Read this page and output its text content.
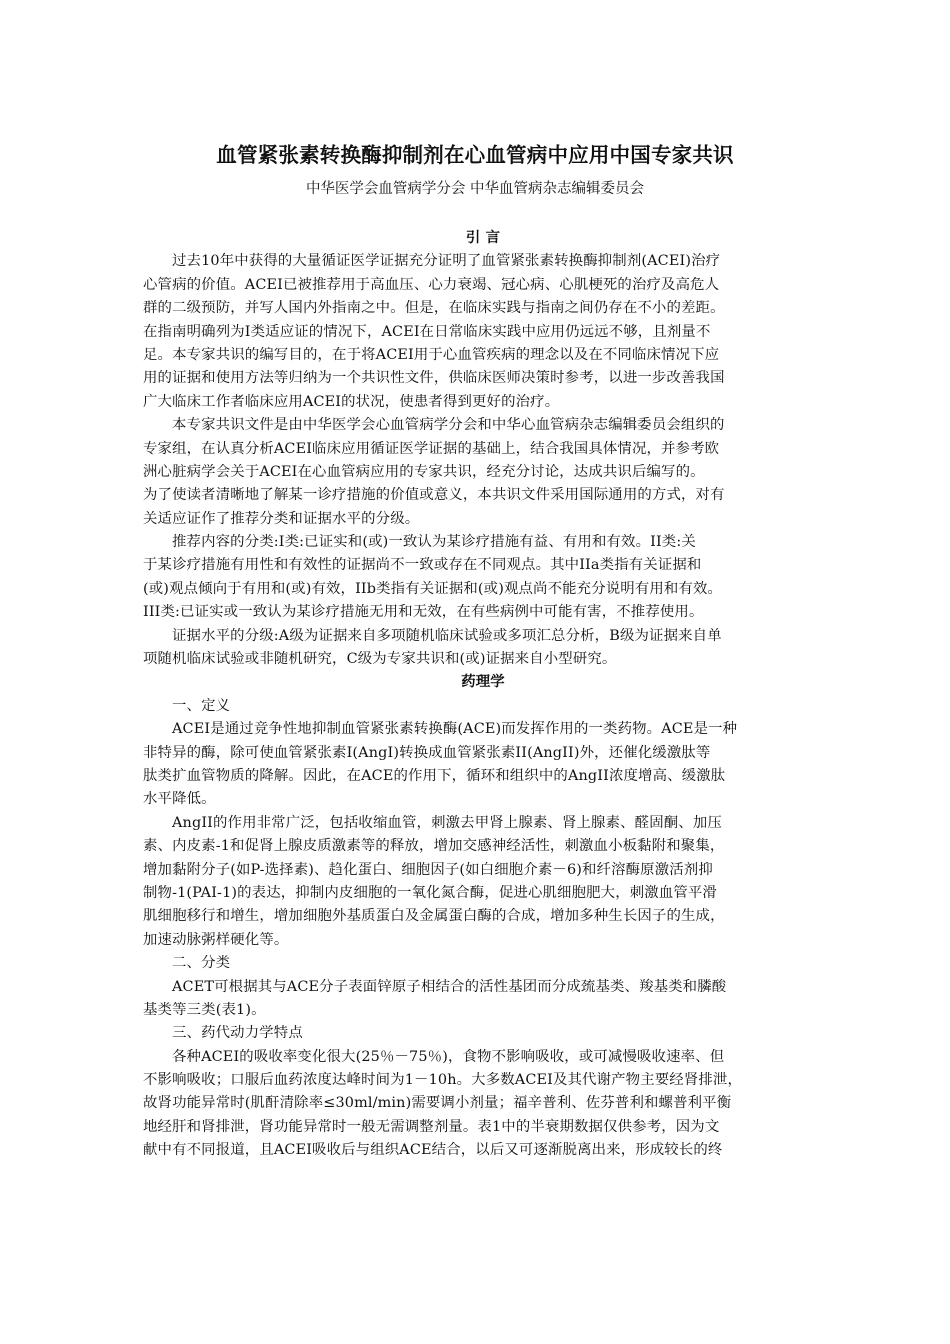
血管紧张素转换酶抑制剂在心血管病中应用中国专家共识
中华医学会血管病学分会 中华血管病杂志编辑委员会
引 言
过去10年中获得的大量循证医学证据充分证明了血管紧张素转换酶抑制剂(ACEI)治疗
心管病的价值。ACEI已被推荐用于高血压、心力衰竭、冠心病、心肌梗死的治疗及高危人
群的二级预防，并写人国内外指南之中。但是，在临床实践与指南之间仍存在不小的差距。
在指南明确列为I类适应证的情况下，ACEI在日常临床实践中应用仍远远不够，且剂量不
足。本专家共识的编写目的，在于将ACEI用于心血管疾病的理念以及在不同临床情况下应
用的证据和使用方法等归纳为一个共识性文件，供临床医师决策时参考，以进一步改善我国
广大临床工作者临床应用ACEI的状况，使患者得到更好的治疗。
本专家共识文件是由中华医学会心血管病学分会和中华心血管病杂志编辑委员会组织的
专家组，在认真分析ACEI临床应用循证医学证据的基础上，结合我国具体情况，并参考欧
洲心脏病学会关于ACEI在心血管病应用的专家共识，经充分讨论，达成共识后编写的。
为了使读者清晰地了解某一诊疗措施的价值或意义，本共识文件采用国际通用的方式，对有
关适应证作了推荐分类和证据水平的分级。
推荐内容的分类:I类:已证实和(或)一致认为某诊疗措施有益、有用和有效。II类:关
于某诊疗措施有用性和有效性的证据尚不一致或存在不同观点。其中IIa类指有关证据和
(或)观点倾向于有用和(或)有效，IIb类指有关证据和(或)观点尚不能充分说明有用和有效。
III类:已证实或一致认为某诊疗措施无用和无效，在有些病例中可能有害，不推荐使用。
证据水平的分级:A级为证据来自多项随机临床试验或多项汇总分析，B级为证据来自单
项随机临床试验或非随机研究，C级为专家共识和(或)证据来自小型研究。
药理学
一、定义
ACEI是通过竞争性地抑制血管紧张素转换酶(ACE)而发挥作用的一类药物。ACE是一种
非特异的酶，除可使血管紧张素I(AngI)转换成血管紧张素II(AngII)外，还催化缓激肽等
肽类扩血管物质的降解。因此，在ACE的作用下，循环和组织中的AngII浓度增高、缓激肽
水平降低。
AngII的作用非常广泛，包括收缩血管，刺激去甲肾上腺素、肾上腺素、醛固酮、加压
素、内皮素-1和促肾上腺皮质激素等的释放，增加交感神经活性，刺激血小板黏附和聚集，
增加黏附分子(如P-选择素)、趋化蛋白、细胞因子(如白细胞介素－6)和纤溶酶原激活剂抑
制物-1(PAI-1)的表达，抑制内皮细胞的一氧化氮合酶，促进心肌细胞肥大，刺激血管平滑
肌细胞移行和增生，增加细胞外基质蛋白及金属蛋白酶的合成，增加多种生长因子的生成，
加速动脉粥样硬化等。
二、分类
ACET可根据其与ACE分子表面锌原子相结合的活性基团而分成巯基类、羧基类和膦酸
基类等三类(表1)。
三、药代动力学特点
各种ACEI的吸收率变化很大(25％－75％)，食物不影响吸收，或可减慢吸收速率、但
不影响吸收；口服后血药浓度达峰时间为1－10h。大多数ACEI及其代谢产物主要经肾排泄，
故肾功能异常时(肌酐清除率≤30ml/min)需要调小剂量；福辛普利、佐芬普利和螺普利平衡
地经肝和肾排泄，肾功能异常时一般无需调整剂量。表1中的半衰期数据仅供参考，因为文
献中有不同报道，且ACEI吸收后与组织ACE结合，以后又可逐渐脱离出来，形成较长的终
